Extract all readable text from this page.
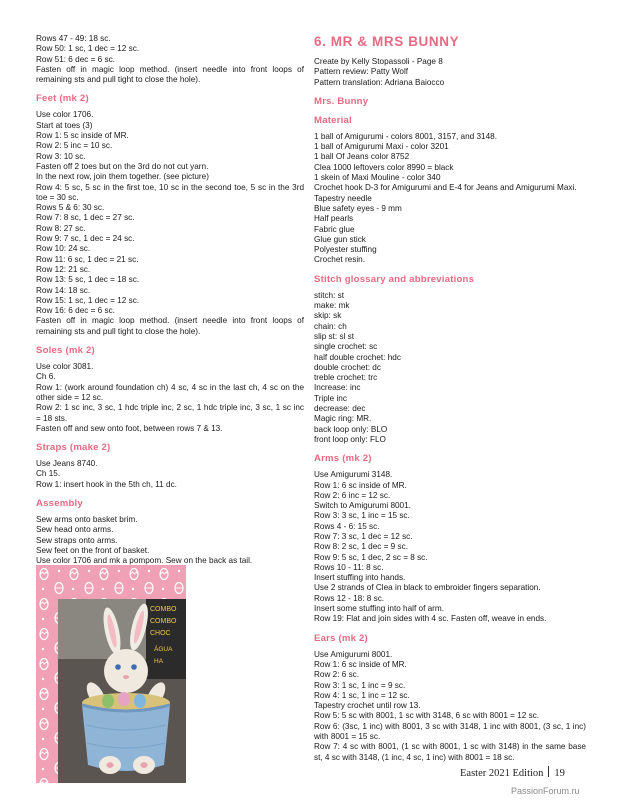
Rows 47 - 49: 18 sc.
Row 50: 1 sc, 1 dec = 12 sc.
Row 51: 6 dec = 6 sc.
Fasten off in magic loop method. (insert needle into front loops of remaining sts and pull tight to close the hole).
Feet (mk 2)
Use color 1706.
Start at toes (3)
Row 1: 5 sc inside of MR.
Row 2: 5 inc = 10 sc.
Row 3: 10 sc.
Fasten off 2 toes but on the 3rd do not cut yarn.
In the next row, join them together. (see picture)
Row 4: 5 sc, 5 sc in the first toe, 10 sc in the second toe, 5 sc in the 3rd toe = 30 sc.
Rows 5 & 6: 30 sc.
Row 7: 8 sc, 1 dec = 27 sc.
Row 8: 27 sc.
Row 9: 7 sc, 1 dec = 24 sc.
Row 10: 24 sc.
Row 11: 6 sc, 1 dec = 21 sc.
Row 12: 21 sc.
Row 13: 5 sc, 1 dec = 18 sc.
Row 14: 18 sc.
Row 15: 1 sc, 1 dec = 12 sc.
Row 16: 6 dec = 6 sc.
Fasten off in magic loop method. (insert needle into front loops of remaining sts and pull tight to close the hole).
Soles (mk 2)
Use color 3081.
Ch 6.
Row 1: (work around foundation ch) 4 sc, 4 sc in the last ch, 4 sc on the other side = 12 sc.
Row 2: 1 sc inc, 3 sc, 1 hdc triple inc, 2 sc, 1 hdc triple inc, 3 sc, 1 sc inc = 18 sts.
Fasten off and sew onto foot, between rows 7 & 13.
Straps (make 2)
Use Jeans 8740.
Ch 15.
Row 1: insert hook in the 5th ch, 11 dc.
Assembly
Sew arms onto basket brim.
Sew head onto arms.
Sew straps onto arms.
Sew feet on the front of basket.
Use color 1706 and mk a pompom. Sew on the back as tail.
COMBO
COMBO
CHOC
ÁGUA
HA
6. MR & MRS BUNNY
Create by Kelly Stopassoli - Page 8
Pattern review: Patty Wolf
Pattern translation: Adriana Baiocco
Mrs. Bunny
Material
1 ball of Amigurumi - colors 8001, 3157, and 3148.
1 ball of Amigurumi Maxi - color 3201
1 ball Of Jeans color 8752
Clea 1000 leftovers color 8990 = black
1 skein of Maxi Mouline - color 340
Crochet hook D-3 for Amigurumi and E-4 for Jeans and Amigurumi Maxi.
Tapestry needle
Blue safety eyes - 9 mm
Half pearls
Fabric glue
Glue gun stick
Polyester stuffing
Crochet resin.
Stitch glossary and abbreviations
stitch: st
make: mk
skip: sk
chain: ch
slip st: sl st
single crochet: sc
half double crochet: hdc
double crochet: dc
treble crochet: trc
Increase: inc
Triple inc
decrease: dec
Magic ring: MR.
back loop only: BLO
front loop only: FLO
Arms (mk 2)
Use Amigurumi 3148.
Row 1: 6 sc inside of MR.
Row 2: 6 inc = 12 sc.
Switch to Amigurumi 8001.
Row 3: 3 sc, 1 inc = 15 sc.
Rows 4 - 6: 15 sc.
Row 7: 3 sc, 1 dec = 12 sc.
Row 8: 2 sc, 1 dec = 9 sc.
Row 9: 5 sc, 1 dec, 2 sc = 8 sc.
Rows 10 - 11: 8 sc.
Insert stuffing into hands.
Use 2 strands of Clea in black to embroider fingers separation.
Rows 12 - 18: 8 sc.
Insert some stuffing into half of arm.
Row 19: Flat and join sides with 4 sc. Fasten off, weave in ends.
Ears (mk 2)
Use Amigurumi 8001.
Row 1: 6 sc inside of MR.
Row 2: 6 sc.
Row 3: 1 sc, 1 inc = 9 sc.
Row 4: 1 sc, 1 inc = 12 sc.
Tapestry crochet until row 13.
Row 5: 5 sc with 8001, 1 sc with 3148, 6 sc with 8001 = 12 sc.
Row 6: (3sc, 1 inc) with 8001, 3 sc with 3148, 1 inc with 8001, (3 sc, 1 inc) with 8001 = 15 sc.
Row 7: 4 sc with 8001, (1 sc with 8001, 1 sc with 3148) in the same base st, 4 sc with 3148, (1 inc, 4 sc, 1 inc) with 8001 = 18 sc.
Easter 2021 Edition 19
PassionForum.ru
